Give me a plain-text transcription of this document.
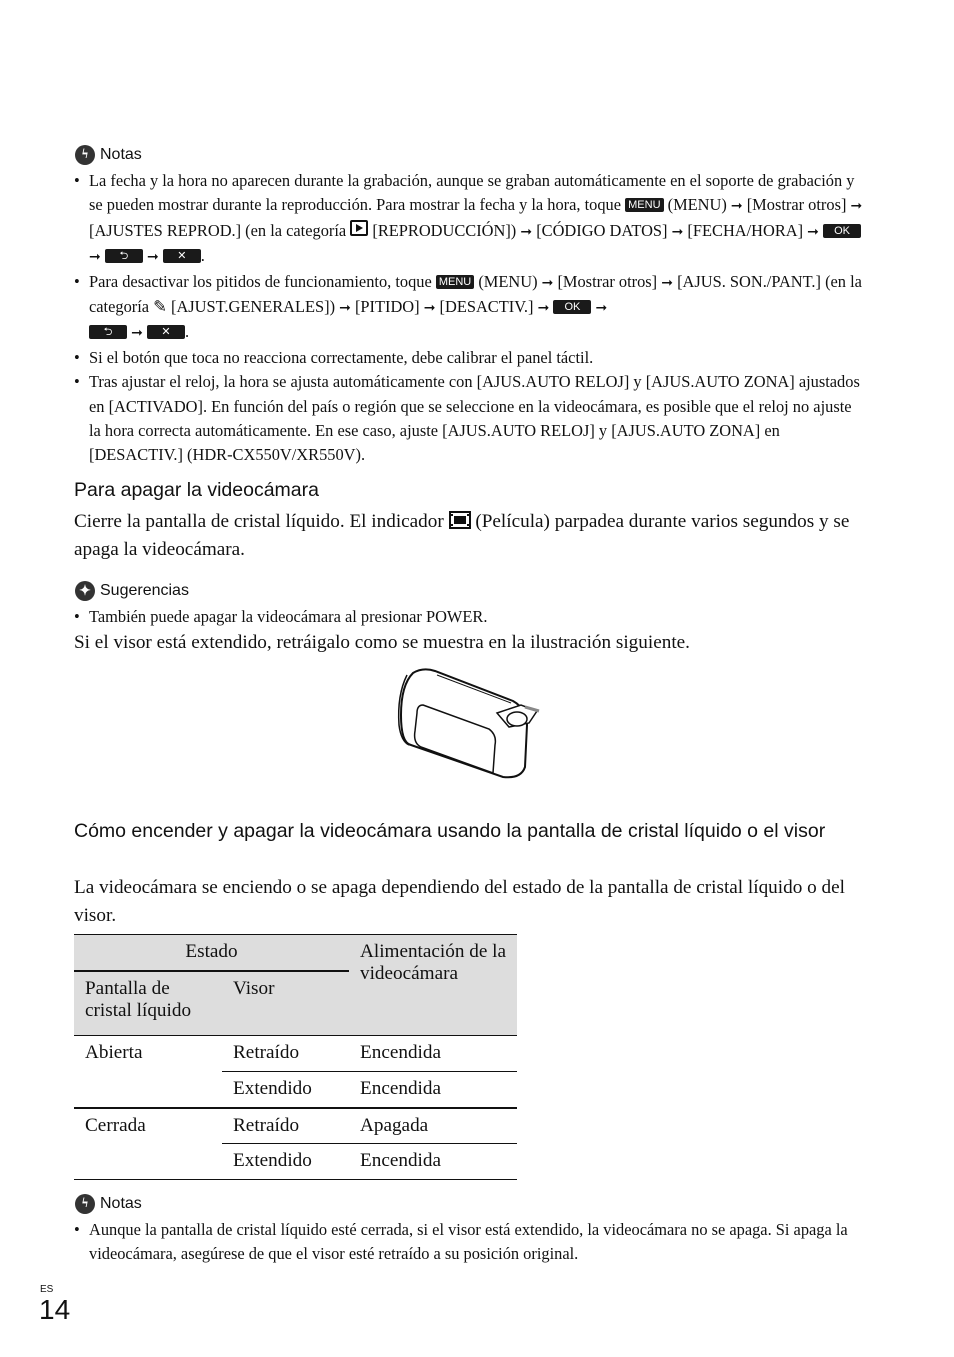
ϟ Notas
• La fecha y la hora no aparecen durante la grabación, aunque se graban automáticamente en el soporte de grabación y se pueden mostrar durante la reproducción. Para mostrar la fecha y la hora, toque MENU (MENU) ➞ [Mostrar otros] ➞ [AJUSTES REPROD.] (en la categoría  [REPRODUCCIÓN]) ➞ [CÓDIGO DATOS] ➞ [FECHA/HORA] ➞ OK ➞ ⮌ ➞ ✕ .
• Para desactivar los pitidos de funcionamiento, toque MENU (MENU) ➞ [Mostrar otros] ➞ [AJUS. SON./PANT.] (en la categoría ✎ [AJUST.GENERALES]) ➞ [PITIDO] ➞ [DESACTIV.] ➞ OK ➞
⮌ ➞ ✕ .
• Si el botón que toca no reacciona correctamente, debe calibrar el panel táctil.
• Tras ajustar el reloj, la hora se ajusta automáticamente con [AJUS.AUTO RELOJ] y [AJUS.AUTO ZONA] ajustados en [ACTIVADO]. En función del país o región que se seleccione en la videocámara, es posible que el reloj no ajuste la hora correcta automáticamente. En ese caso, ajuste [AJUS.AUTO RELOJ] y [AJUS.AUTO ZONA] en [DESACTIV.] (HDR-CX550V/XR550V).
Para apagar la videocámara

Cierre la pantalla de cristal líquido. El indicador  (Película) parpadea durante varios segundos y se apaga la videocámara.

✦ Sugerencias
• También puede apagar la videocámara al presionar POWER.

Si el visor está extendido, retráigalo como se muestra en la ilustración siguiente.

Cómo encender y apagar la videocámara usando la pantalla de cristal líquido o el visor

La videocámara se enciendo o se apaga dependiendo del estado de la pantalla de cristal líquido o del visor.

Estado		Alimentación de la videocámara
Pantalla de cristal líquido	Visor	
Abierta	Retraído	Encendida
	Extendido	Encendida
Cerrada	Retraído	Apagada
	Extendido	Encendida
ϟ Notas
• Aunque la pantalla de cristal líquido esté cerrada, si el visor está extendido, la videocámara no se apaga. Si apaga la videocámara, asegúrese de que el visor esté retraído a su posición original.
ES
14
